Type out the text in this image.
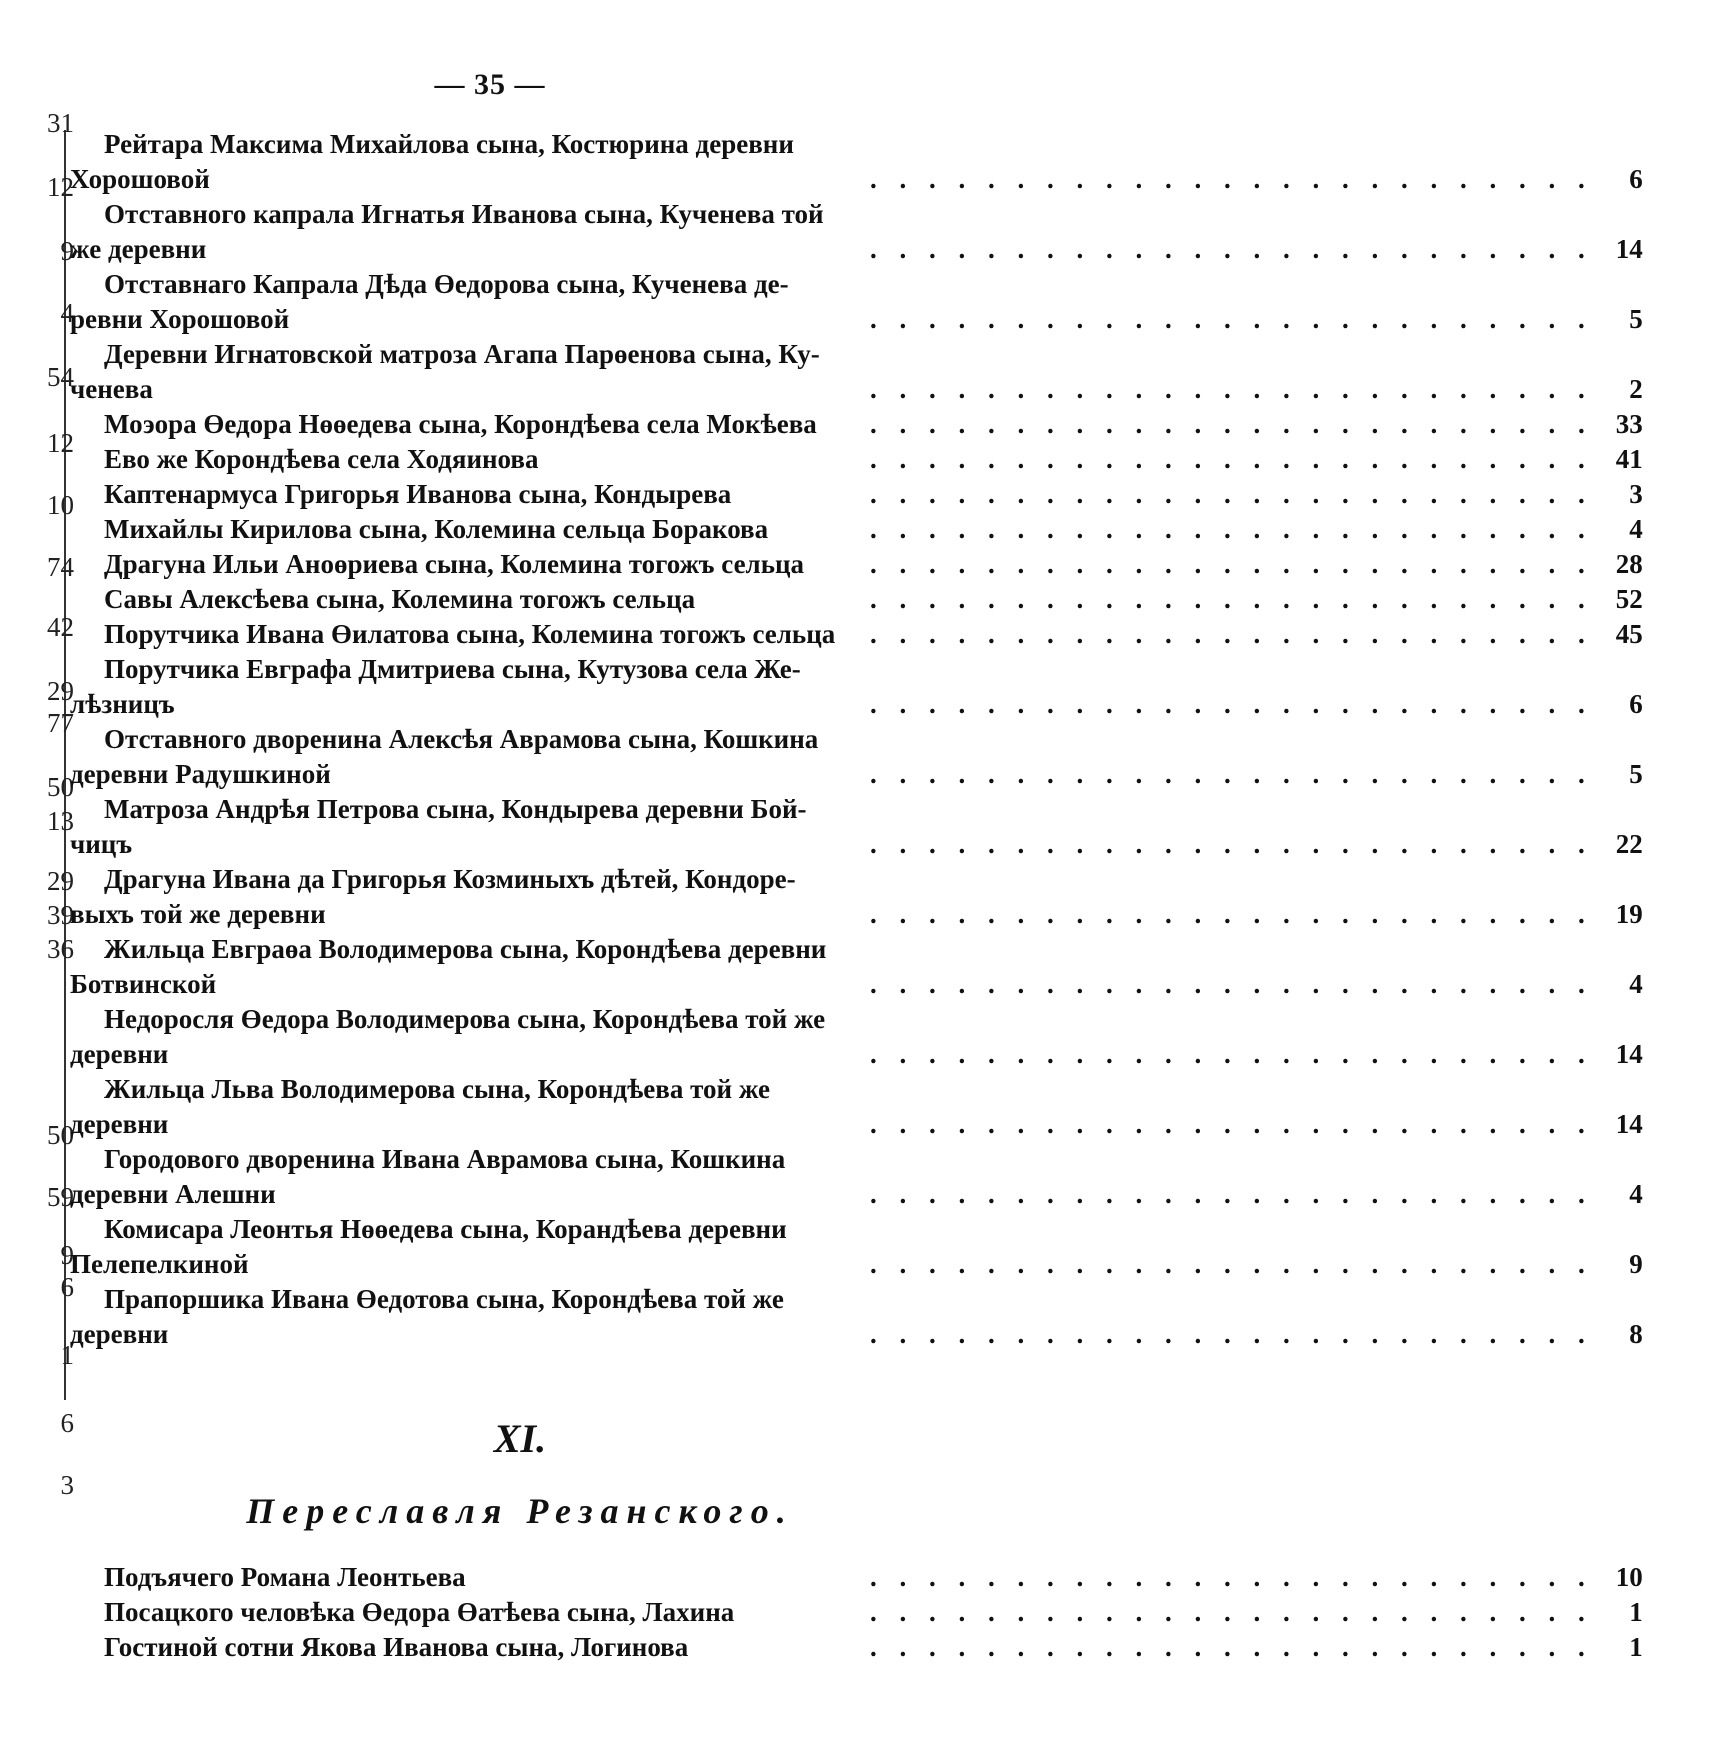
— 35 —
31
12
9
4
54
12
10
74
42
29
77
50
13
29
39
36
50
59
9
6
1
6
3
Рейтара Максима Михайлова сына, Костюрина деревни
Хорошовой	. . . . . . . . . . . . . . . . . . . . . . . . .	6
Отставного капрала Игнатья Иванова сына, Кученева той
же деревни	. . . . . . . . . . . . . . . . . . . . . . . . . 14
Отставнаго Капрала Дѣда Өедорова сына, Кученева де-
ревни Хорошовой	. . . . . . . . . . . . . . . . . . . . . . . . .	5
Деревни Игнатовской матроза Агапа Парөенова сына, Ку-
ченева	. . . . . . . . . . . . . . . . . . . . . . . . .	2
Моэора Өедора Нөөедева сына, Корондѣева села Мокѣева	. . . . . . . . . . . . . . . . . . . . . . . . . 33
Ево же Корондѣева села Ходяинова	. . . . . . . . . . . . . . . . . . . . . . . . . 41
Каптенармуса Григорья Иванова сына, Кондырева	. . . . . . . . . . . . . . . . . . . . . . . . .	3
Михайлы Кирилова сына, Колемина сельца Боракова	. . . . . . . . . . . . . . . . . . . . . . . . .	4
Драгуна Ильи Аноөриева сына, Колемина тогожъ сельца	. . . . . . . . . . . . . . . . . . . . . . . . . 28
Савы Алексѣева сына, Колемина тогожъ сельца	. . . . . . . . . . . . . . . . . . . . . . . . . 52
Порутчика Ивана Өилатова сына, Колемина тогожъ сельца	. . . . . . . . . . . . . . . . . . . . . . . . . 45
Порутчика Евграфа Дмитриева сына, Кутузова села Же-
лѣзницъ	. . . . . . . . . . . . . . . . . . . . . . . . .	6
Отставного дворенина Алексѣя Аврамова сына, Кошкина
деревни Радушкиной	. . . . . . . . . . . . . . . . . . . . . . . . .	5
Матроза Андрѣя Петрова сына, Кондырева деревни Бой-
чицъ	. . . . . . . . . . . . . . . . . . . . . . . . . 22
Драгуна Ивана да Григорья Козминыхъ дѣтей, Кондоре-
выхъ той же деревни	. . . . . . . . . . . . . . . . . . . . . . . . . 19
Жильца Евграөа Володимерова сына, Корондѣева деревни
Ботвинской	. . . . . . . . . . . . . . . . . . . . . . . . .	4
Недоросля Өедора Володимерова сына, Корондѣева той же
деревни	. . . . . . . . . . . . . . . . . . . . . . . . . 14
Жильца Льва Володимерова сына, Корондѣева той же
деревни	. . . . . . . . . . . . . . . . . . . . . . . . . 14
Городового дворенина Ивана Аврамова сына, Кошкина
деревни Алешни	. . . . . . . . . . . . . . . . . . . . . . . . .	4
Комисара Леонтья Нөөедева сына, Корандѣева деревни
Пелепелкиной	. . . . . . . . . . . . . . . . . . . . . . . . .	9
Прапоршика Ивана Өедотова сына, Корондѣева той же
деревни	. . . . . . . . . . . . . . . . . . . . . . . . .	8
XI.
Переславля Резанского.
Подъячего Романа Леонтьева	. . . . . . . . . . . . . . . . . . . . . . . . . 10
Посацкого человѣка Өедора Өатѣева сына, Лахина	. . . . . . . . . . . . . . . . . . . . . . . . .	1
Гостиной сотни Якова Иванова сына, Логинова	. . . . . . . . . . . . . . . . . . . . . . . . .	1
